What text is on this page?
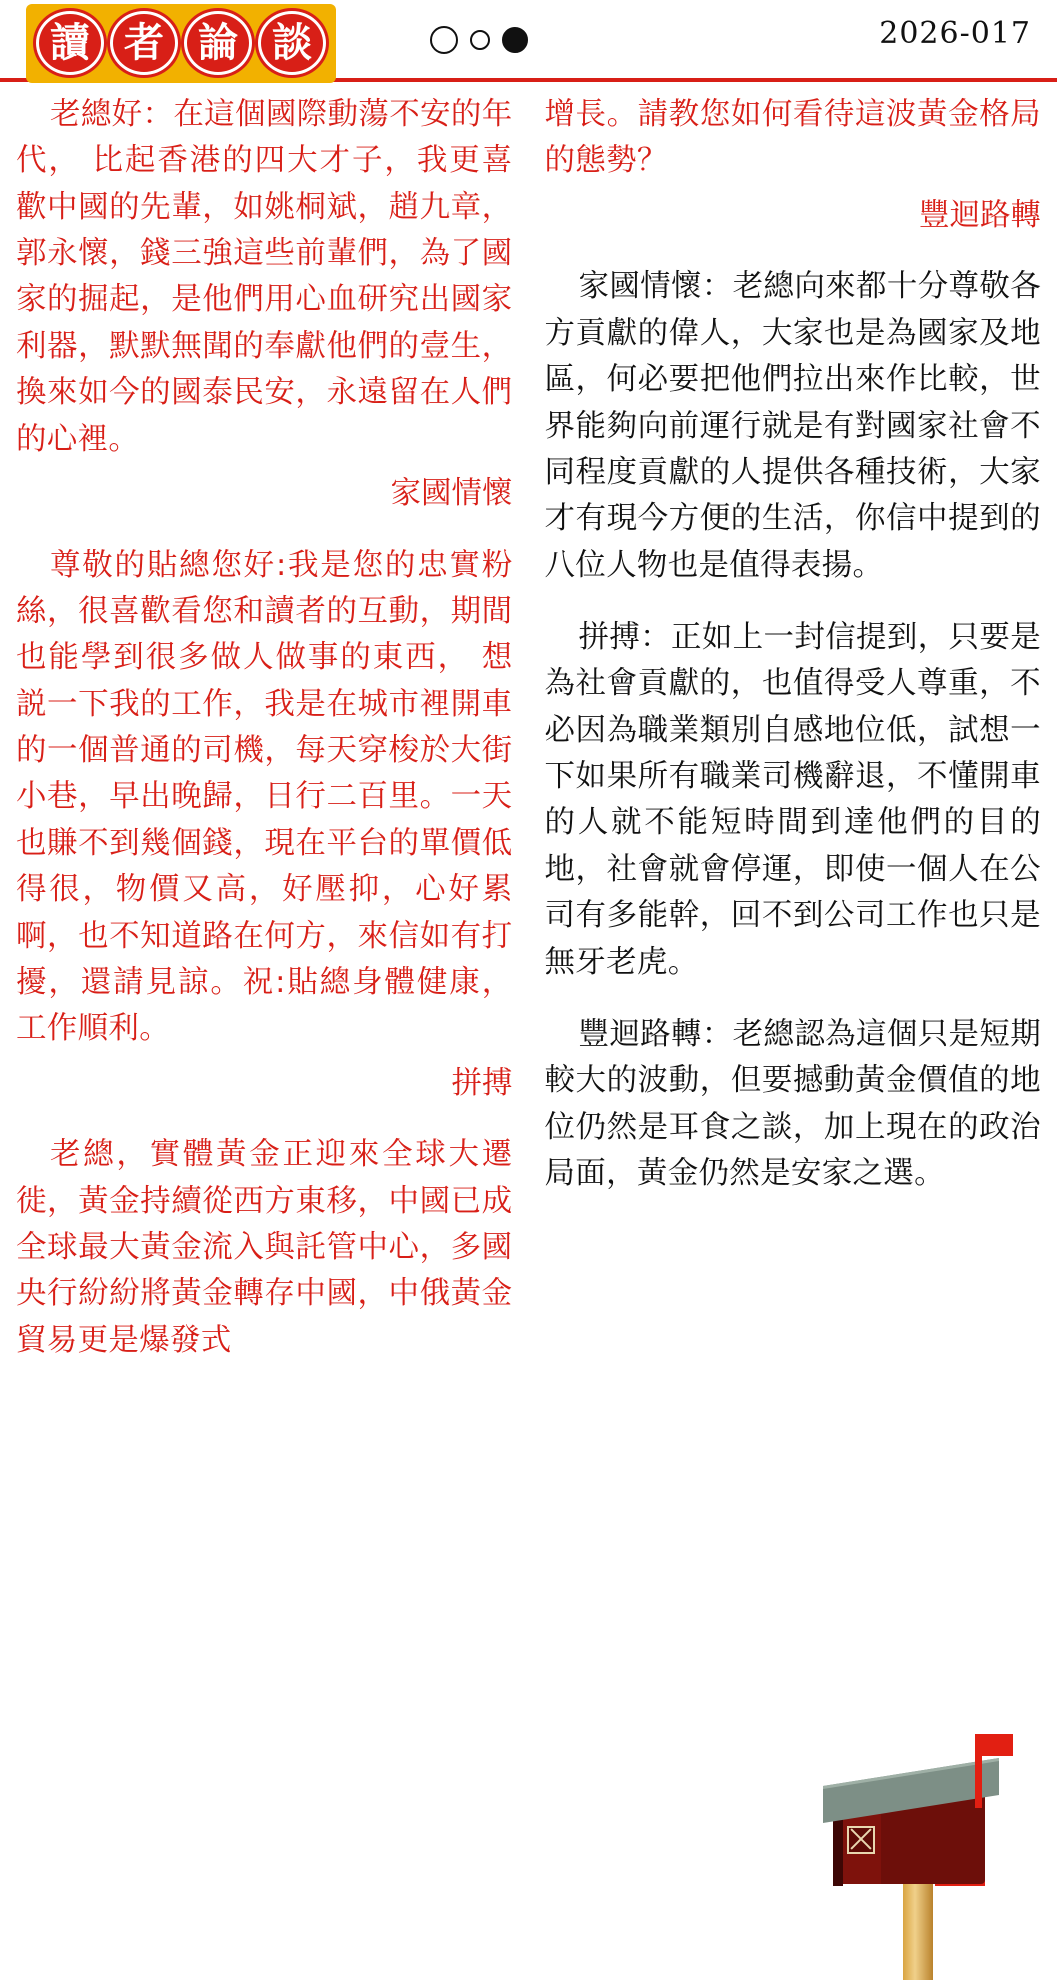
讀 者 論 談	2026-017

老總好：在這個國際動蕩不安的年代， 比起香港的四大才子，我更喜歡中國的先輩，如姚桐斌，趙九章，郭永懷，錢三強這些前輩們，為了國家的掘起，是他們用心血研究出國家利器，默默無聞的奉獻他們的壹生，換來如今的國泰民安，永遠留在人們的心裡。

家國情懷

尊敬的貼總您好:我是您的忠實粉絲，很喜歡看您和讀者的互動，期間也能學到很多做人做事的東西， 想説一下我的工作，我是在城市裡開車的一個普通的司機，每天穿梭於大街小巷，早出晚歸，日行二百里。一天也賺不到幾個錢，現在平台的單價低得很，物價又高，好壓抑，心好累啊，也不知道路在何方，來信如有打擾，還請見諒。祝:貼總身體健康，工作順利。

拼搏

老總，實體黃金正迎來全球大遷徙，黃金持續從西方東移，中國已成全球最大黃金流入與託管中心，多國央行紛紛將黃金轉存中國，中俄黃金貿易更是爆發式

增長。請教您如何看待這波黃金格局的態勢？

豐迴路轉

家國情懷：老總向來都十分尊敬各方貢獻的偉人，大家也是為國家及地區，何必要把他們拉出來作比較，世界能夠向前運行就是有對國家社會不同程度貢獻的人提供各種技術，大家才有現今方便的生活，你信中提到的八位人物也是值得表揚。

拼搏：正如上一封信提到，只要是為社會貢獻的，也值得受人尊重，不必因為職業類別自感地位低，試想一下如果所有職業司機辭退，不懂開車的人就不能短時間到達他們的目的地，社會就會停運，即使一個人在公司有多能幹，回不到公司工作也只是無牙老虎。

豐迴路轉：老總認為這個只是短期較大的波動，但要撼動黃金價值的地位仍然是耳食之談，加上現在的政治局面，黃金仍然是安家之選。
